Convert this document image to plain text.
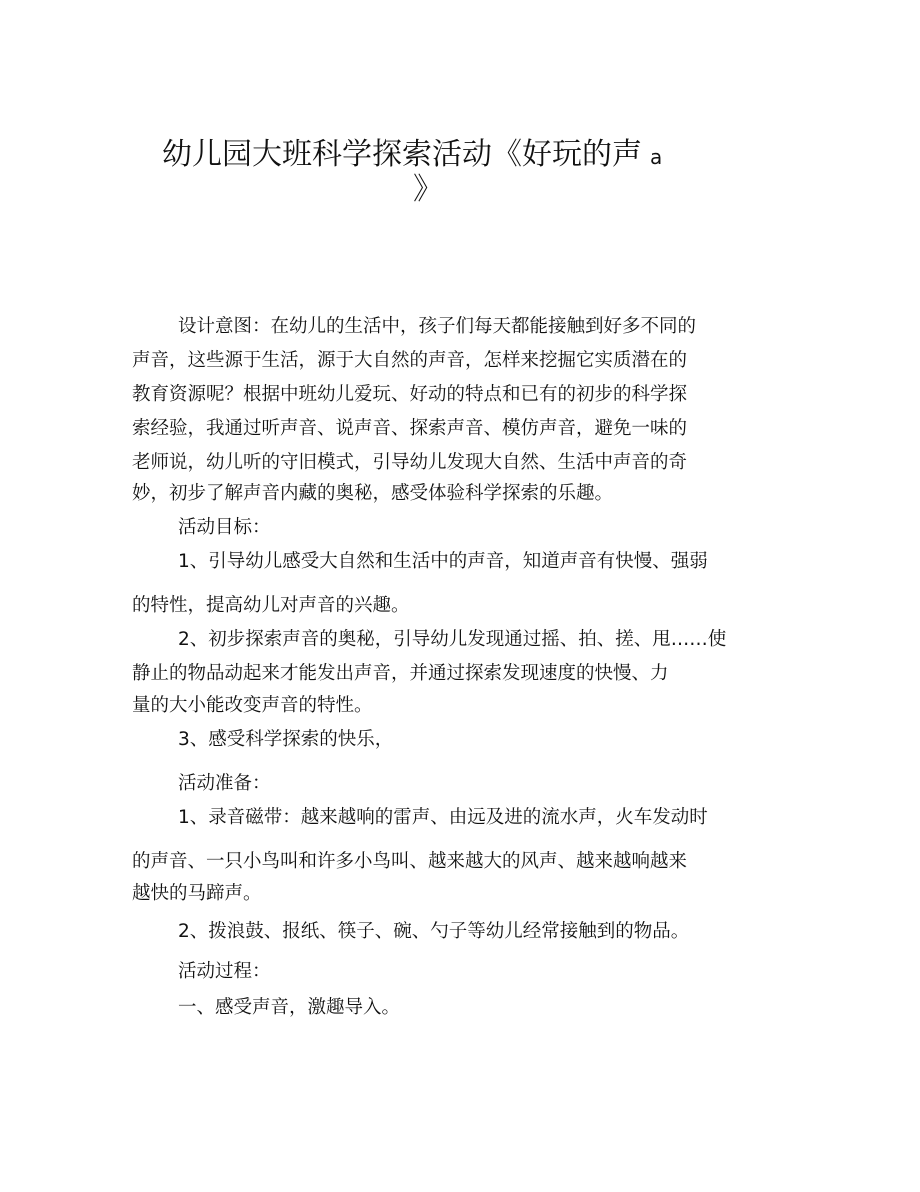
幼儿园大班科学探索活动《好玩的声 a
》
设计意图：在幼儿的生活中，孩子们每天都能接触到好多不同的
声音，这些源于生活，源于大自然的声音，怎样来挖掘它实质潜在的
教育资源呢？根据中班幼儿爱玩、好动的特点和已有的初步的科学探
索经验，我通过听声音、说声音、探索声音、模仿声音，避免一味的
老师说，幼儿听的守旧模式，引导幼儿发现大自然、生活中声音的奇
妙，初步了解声音内藏的奥秘，感受体验科学探索的乐趣。
活动目标：
1、引导幼儿感受大自然和生活中的声音，知道声音有快慢、强弱
的特性，提高幼儿对声音的兴趣。
2、初步探索声音的奥秘，引导幼儿发现通过摇、拍、搓、甩……使
静止的物品动起来才能发出声音，并通过探索发现速度的快慢、力
量的大小能改变声音的特性。
3、感受科学探索的快乐，
活动准备：
1、录音磁带：越来越响的雷声、由远及进的流水声，火车发动时
的声音、一只小鸟叫和许多小鸟叫、越来越大的风声、越来越响越来
越快的马蹄声。
2、拨浪鼓、报纸、筷子、碗、勺子等幼儿经常接触到的物品。
活动过程：
一、感受声音，激趣导入。
